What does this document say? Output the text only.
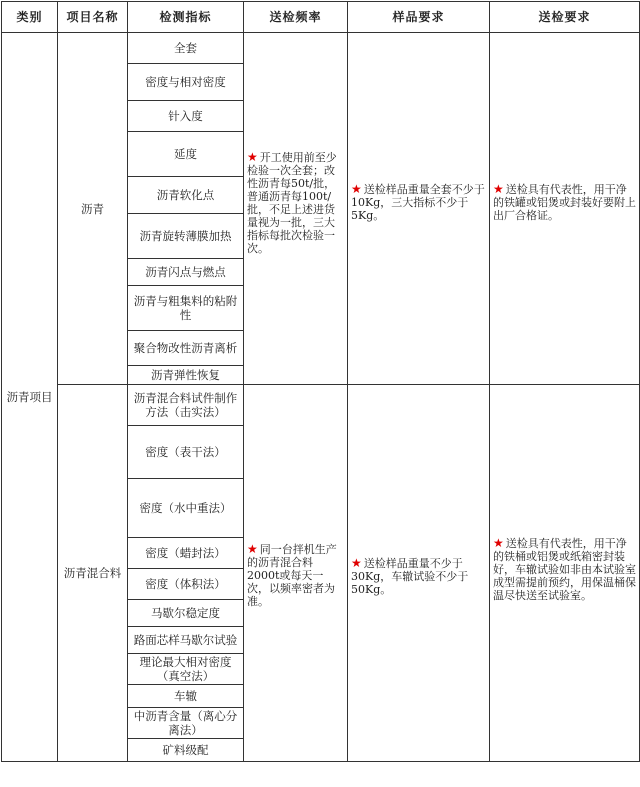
类别	项目名称	检测指标	送检频率	样品要求	送检要求
沥青项目	沥青	全套	★ 开工使用前至少检验一次全套；改性沥青每50t/批，普通沥青每100t/批，不足上述进货量视为一批，三大指标每批次检验一次。	★ 送检样品重量全套不少于10Kg，三大指标不少于5Kg。	★ 送检具有代表性，用干净的铁罐或铝煲或封装好要附上出厂合格证。
		密度与相对密度			
		针入度			
		延度			
		沥青软化点			
		沥青旋转薄膜加热			
		沥青闪点与燃点			
		沥青与粗集料的粘附性			
		聚合物改性沥青离析			
		沥青弹性恢复			
	沥青混合料	沥青混合料试件制作方法（击实法）	★ 同一台拌机生产的沥青混合料2000t或每天一次，以频率密者为准。	★ 送检样品重量不少于30Kg，车辙试验不少于50Kg。	★ 送检具有代表性，用干净的铁桶或铝煲或纸箱密封装好，车辙试验如非由本试验室成型需提前预约，用保温桶保温尽快送至试验室。
		密度（表干法）			
		密度（水中重法）			
		密度（蜡封法）			
		密度（体积法）			
		马歇尔稳定度			
		路面芯样马歇尔试验			
		理论最大相对密度（真空法）			
		车辙			
		中沥青含量（离心分离法）			
		矿料级配			
